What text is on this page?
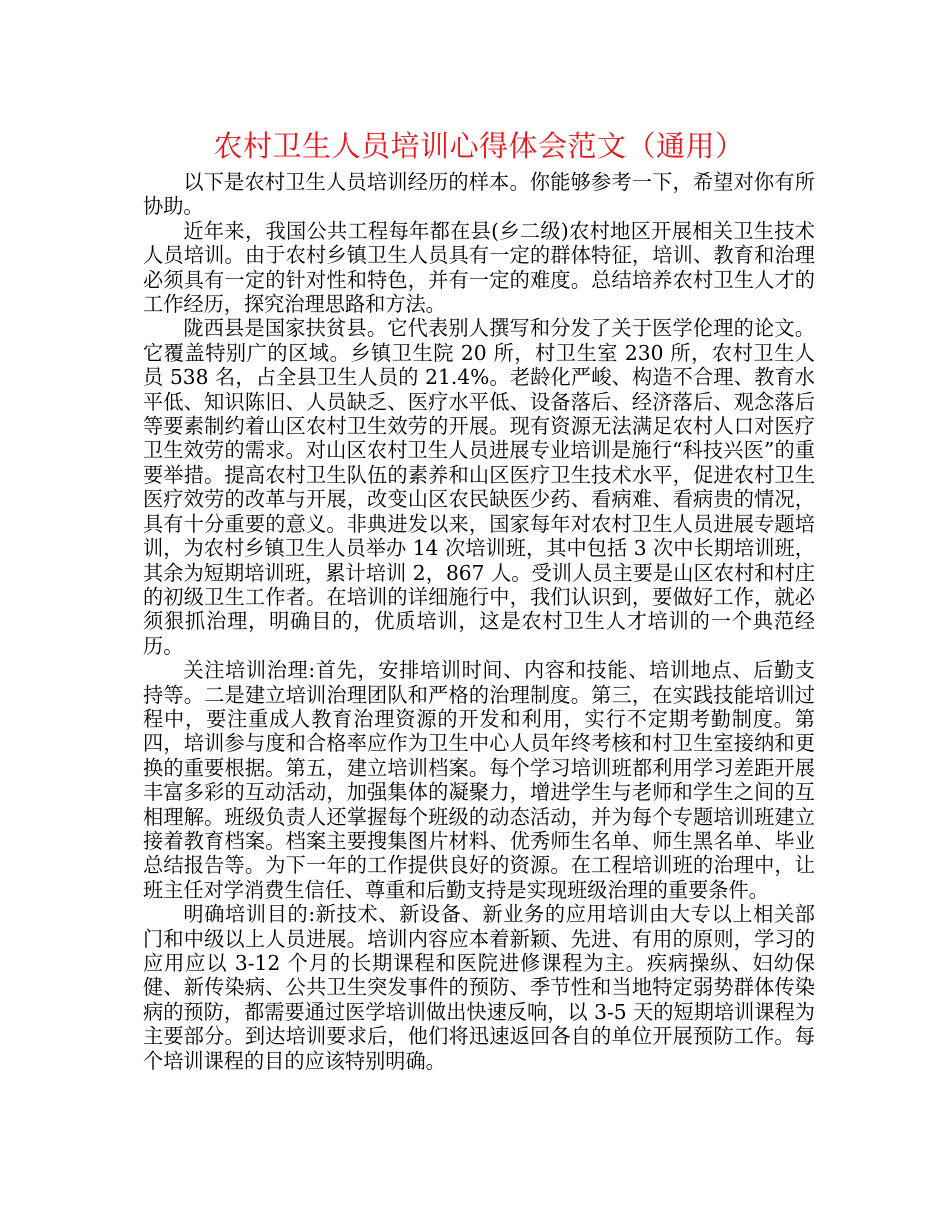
农村卫生人员培训心得体会范文（通用）

以下是农村卫生人员培训经历的样本。你能够参考一下，希望对你有所协助。

近年来，我国公共工程每年都在县(乡二级)农村地区开展相关卫生技术人员培训。由于农村乡镇卫生人员具有一定的群体特征，培训、教育和治理必须具有一定的针对性和特色，并有一定的难度。总结培养农村卫生人才的工作经历，探究治理思路和方法。

陇西县是国家扶贫县。它代表别人撰写和分发了关于医学伦理的论文。它覆盖特别广的区域。乡镇卫生院 20 所，村卫生室 230 所，农村卫生人员 538 名，占全县卫生人员的 21.4%。老龄化严峻、构造不合理、教育水平低、知识陈旧、人员缺乏、医疗水平低、设备落后、经济落后、观念落后等要素制约着山区农村卫生效劳的开展。现有资源无法满足农村人口对医疗卫生效劳的需求。对山区农村卫生人员进展专业培训是施行“科技兴医”的重要举措。提高农村卫生队伍的素养和山区医疗卫生技术水平，促进农村卫生医疗效劳的改革与开展，改变山区农民缺医少药、看病难、看病贵的情况，具有十分重要的意义。非典进发以来，国家每年对农村卫生人员进展专题培训，为农村乡镇卫生人员举办 14 次培训班，其中包括 3 次中长期培训班，其余为短期培训班，累计培训 2，867 人。受训人员主要是山区农村和村庄的初级卫生工作者。在培训的详细施行中，我们认识到，要做好工作，就必须狠抓治理，明确目的，优质培训，这是农村卫生人才培训的一个典范经历。

关注培训治理:首先，安排培训时间、内容和技能、培训地点、后勤支持等。二是建立培训治理团队和严格的治理制度。第三，在实践技能培训过程中，要注重成人教育治理资源的开发和利用，实行不定期考勤制度。第四，培训参与度和合格率应作为卫生中心人员年终考核和村卫生室接纳和更换的重要根据。第五，建立培训档案。每个学习培训班都利用学习差距开展丰富多彩的互动活动，加强集体的凝聚力，增进学生与老师和学生之间的互相理解。班级负责人还掌握每个班级的动态活动，并为每个专题培训班建立接着教育档案。档案主要搜集图片材料、优秀师生名单、师生黑名单、毕业总结报告等。为下一年的工作提供良好的资源。在工程培训班的治理中，让班主任对学消费生信任、尊重和后勤支持是实现班级治理的重要条件。

明确培训目的:新技术、新设备、新业务的应用培训由大专以上相关部门和中级以上人员进展。培训内容应本着新颖、先进、有用的原则，学习的应用应以 3-12 个月的长期课程和医院进修课程为主。疾病操纵、妇幼保健、新传染病、公共卫生突发事件的预防、季节性和当地特定弱势群体传染病的预防，都需要通过医学培训做出快速反响，以 3-5 天的短期培训课程为主要部分。到达培训要求后，他们将迅速返回各自的单位开展预防工作。每个培训课程的目的应该特别明确。
